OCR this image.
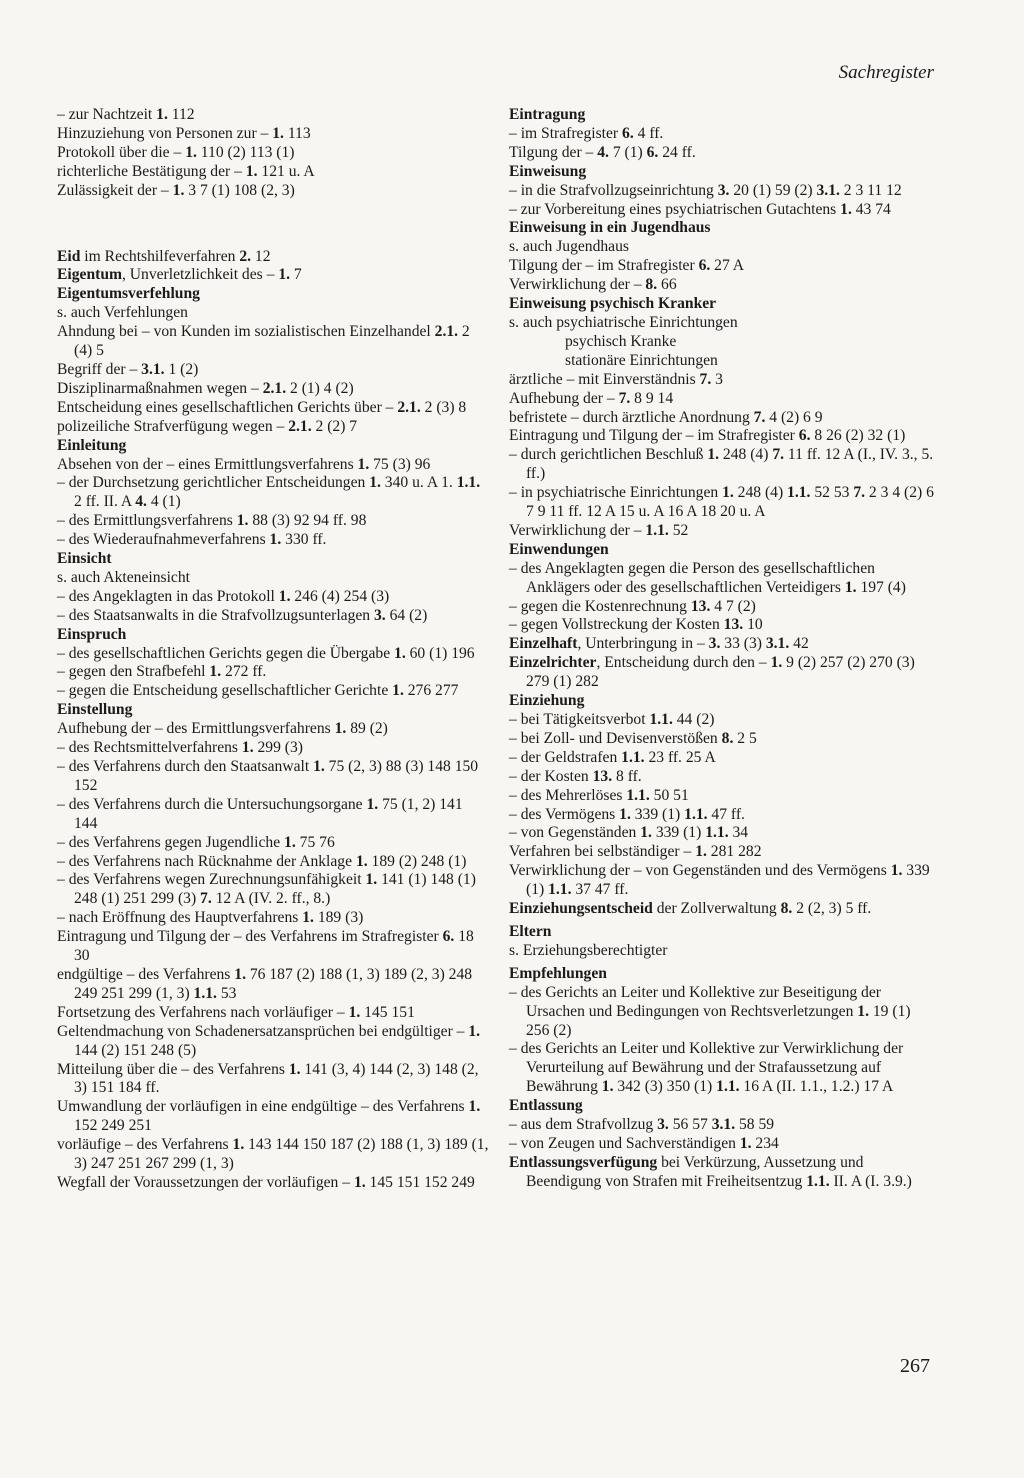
Sachregister
– zur Nachtzeit 1. 112
Hinzuziehung von Personen zur – 1. 113
Protokoll über die – 1. 110 (2) 113 (1)
richterliche Bestätigung der – 1. 121 u. A
Zulässigkeit der – 1. 3 7 (1) 108 (2, 3)
Eid im Rechtshilfeverfahren 2. 12
Eigentum, Unverletzlichkeit des – 1. 7
Eigentumsverfehlung
s. auch Verfehlungen
Ahndung bei – von Kunden im sozialistischen Einzelhandel 2.1. 2 (4) 5
Begriff der – 3.1. 1 (2)
Disziplinarmaßnahmen wegen – 2.1. 2 (1) 4 (2)
Entscheidung eines gesellschaftlichen Gerichts über – 2.1. 2 (3) 8
polizeiliche Strafverfügung wegen – 2.1. 2 (2) 7
Einleitung
Absehen von der – eines Ermittlungsverfahrens 1. 75 (3) 96
– der Durchsetzung gerichtlicher Entscheidungen 1. 340 u. A 1. 1.1. 2 ff. II. A 4. 4 (1)
– des Ermittlungsverfahrens 1. 88 (3) 92 94 ff. 98
– des Wiederaufnahmeverfahrens 1. 330 ff.
Einsicht
s. auch Akteneinsicht
– des Angeklagten in das Protokoll 1. 246 (4) 254 (3)
– des Staatsanwalts in die Strafvollzugsunterlagen 3. 64 (2)
Einspruch
– des gesellschaftlichen Gerichts gegen die Übergabe 1. 60 (1) 196
– gegen den Strafbefehl 1. 272 ff.
– gegen die Entscheidung gesellschaftlicher Gerichte 1. 276 277
Einstellung
Aufhebung der – des Ermittlungsverfahrens 1. 89 (2)
– des Rechtsmittelverfahrens 1. 299 (3)
– des Verfahrens durch den Staatsanwalt 1. 75 (2, 3) 88 (3) 148 150 152
– des Verfahrens durch die Untersuchungsorgane 1. 75 (1, 2) 141 144
– des Verfahrens gegen Jugendliche 1. 75 76
– des Verfahrens nach Rücknahme der Anklage 1. 189 (2) 248 (1)
– des Verfahrens wegen Zurechnungsunfähigkeit 1. 141 (1) 148 (1) 248 (1) 251 299 (3) 7. 12 A (IV. 2. ff., 8.)
– nach Eröffnung des Hauptverfahrens 1. 189 (3)
Eintragung und Tilgung der – des Verfahrens im Strafregister 6. 18 30
endgültige – des Verfahrens 1. 76 187 (2) 188 (1, 3) 189 (2, 3) 248 249 251 299 (1, 3) 1.1. 53
Fortsetzung des Verfahrens nach vorläufiger – 1. 145 151
Geltendmachung von Schadenersatzansprüchen bei endgültiger – 1. 144 (2) 151 248 (5)
Mitteilung über die – des Verfahrens 1. 141 (3, 4) 144 (2, 3) 148 (2, 3) 151 184 ff.
Umwandlung der vorläufigen in eine endgültige – des Verfahrens 1. 152 249 251
vorläufige – des Verfahrens 1. 143 144 150 187 (2) 188 (1, 3) 189 (1, 3) 247 251 267 299 (1, 3)
Wegfall der Voraussetzungen der vorläufigen – 1. 145 151 152 249
Eintragung
– im Strafregister 6. 4 ff.
Tilgung der – 4. 7 (1) 6. 24 ff.
Einweisung
– in die Strafvollzugseinrichtung 3. 20 (1) 59 (2) 3.1. 2 3 11 12
– zur Vorbereitung eines psychiatrischen Gutachtens 1. 43 74
Einweisung in ein Jugendhaus
s. auch Jugendhaus
Tilgung der – im Strafregister 6. 27 A
Verwirklichung der – 8. 66
Einweisung psychisch Kranker
s. auch psychiatrische Einrichtungen
psychisch Kranke
stationäre Einrichtungen
ärztliche – mit Einverständnis 7. 3
Aufhebung der – 7. 8 9 14
befristete – durch ärztliche Anordnung 7. 4 (2) 6 9
Eintragung und Tilgung der – im Strafregister 6. 8 26 (2) 32 (1)
– durch gerichtlichen Beschluß 1. 248 (4) 7. 11 ff. 12 A (I., IV. 3., 5. ff.)
– in psychiatrische Einrichtungen 1. 248 (4) 1.1. 52 53 7. 2 3 4 (2) 6 7 9 11 ff. 12 A 15 u. A 16 A 18 20 u. A
Verwirklichung der – 1.1. 52
Einwendungen
– des Angeklagten gegen die Person des gesellschaftlichen Anklägers oder des gesellschaftlichen Verteidigers 1. 197 (4)
– gegen die Kostenrechnung 13. 4 7 (2)
– gegen Vollstreckung der Kosten 13. 10
Einzelhaft, Unterbringung in – 3. 33 (3) 3.1. 42
Einzelrichter, Entscheidung durch den – 1. 9 (2) 257 (2) 270 (3) 279 (1) 282
Einziehung
– bei Tätigkeitsverbot 1.1. 44 (2)
– bei Zoll- und Devisenverstößen 8. 2 5
– der Geldstrafen 1.1. 23 ff. 25 A
– der Kosten 13. 8 ff.
– des Mehrerlöses 1.1. 50 51
– des Vermögens 1. 339 (1) 1.1. 47 ff.
– von Gegenständen 1. 339 (1) 1.1. 34
Verfahren bei selbständiger – 1. 281 282
Verwirklichung der – von Gegenständen und des Vermögens 1. 339 (1) 1.1. 37 47 ff.
Einziehungsentscheid der Zollverwaltung 8. 2 (2, 3) 5 ff.
Eltern
s. Erziehungsberechtigter
Empfehlungen
– des Gerichts an Leiter und Kollektive zur Beseitigung der Ursachen und Bedingungen von Rechtsverletzungen 1. 19 (1) 256 (2)
– des Gerichts an Leiter und Kollektive zur Verwirklichung der Verurteilung auf Bewährung und der Strafaussetzung auf Bewährung 1. 342 (3) 350 (1) 1.1. 16 A (II. 1.1., 1.2.) 17 A
Entlassung
– aus dem Strafvollzug 3. 56 57 3.1. 58 59
– von Zeugen und Sachverständigen 1. 234
Entlassungsverfügung bei Verkürzung, Aussetzung und Beendigung von Strafen mit Freiheitsentzug 1.1. II. A (I. 3.9.)
267
